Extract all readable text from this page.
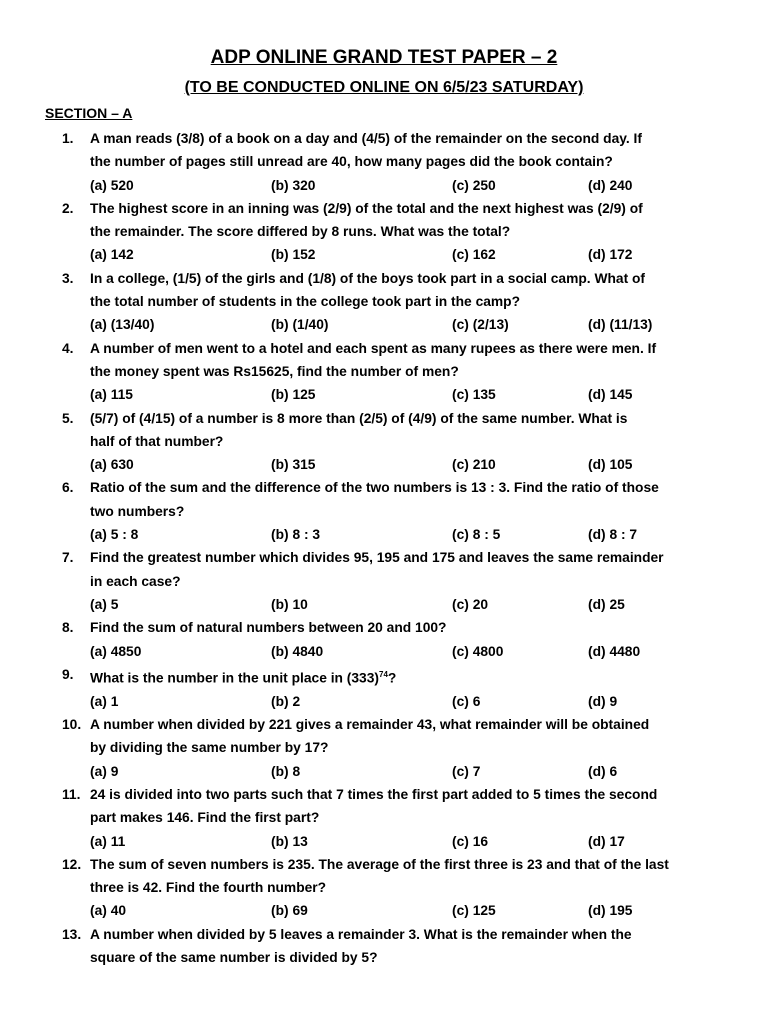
ADP ONLINE GRAND TEST PAPER – 2
(TO BE CONDUCTED ONLINE ON 6/5/23 SATURDAY)
SECTION – A
1.	A man reads (3/8) of a book on a day and (4/5) of the remainder on the second day. If
the number of pages still unread are 40, how many pages did the book contain?
(a) 520	(b) 320	(c) 250	(d) 240
2.	The highest score in an inning was (2/9) of the total and the next highest was (2/9) of
the remainder. The score differed by 8 runs. What was the total?
(a) 142	(b) 152	(c) 162	(d) 172
3.	In a college, (1/5) of the girls and (1/8) of the boys took part in a social camp. What of
the total number of students in the college took part in the camp?
(a) (13/40)	(b) (1/40)	(c) (2/13)	(d) (11/13)
4.	A number of men went to a hotel and each spent as many rupees as there were men. If
the money spent was Rs15625, find the number of men?
(a) 115	(b) 125	(c) 135	(d) 145
5.	(5/7) of (4/15) of a number is 8 more than (2/5) of (4/9) of the same number. What is
half of that number?
(a) 630	(b) 315	(c) 210	(d) 105
6.	Ratio of the sum and the difference of the two numbers is 13 : 3. Find the ratio of those
two numbers?
(a) 5 : 8	(b) 8 : 3	(c) 8 : 5	(d) 8 : 7
7.	Find the greatest number which divides 95, 195 and 175 and leaves the same remainder
in each case?
(a) 5	(b) 10	(c) 20	(d) 25
8.	Find the sum of natural numbers between 20 and 100?
(a) 4850	(b) 4840	(c) 4800	(d) 4480
9.	What is the number in the unit place in $(333)^{74}$?
(a) 1	(b) 2	(c) 6	(d) 9
10. A number when divided by 221 gives a remainder 43, what remainder will be obtained
by dividing the same number by 17?
(a) 9	(b) 8	(c) 7	(d) 6
11. 24 is divided into two parts such that 7 times the first part added to 5 times the second
part makes 146. Find the first part?
(a) 11	(b) 13	(c) 16	(d) 17
12. The sum of seven numbers is 235. The average of the first three is 23 and that of the last
three is 42. Find the fourth number?
(a) 40	(b) 69	(c) 125	(d) 195
13. A number when divided by 5 leaves a remainder 3. What is the remainder when the
square of the same number is divided by 5?
